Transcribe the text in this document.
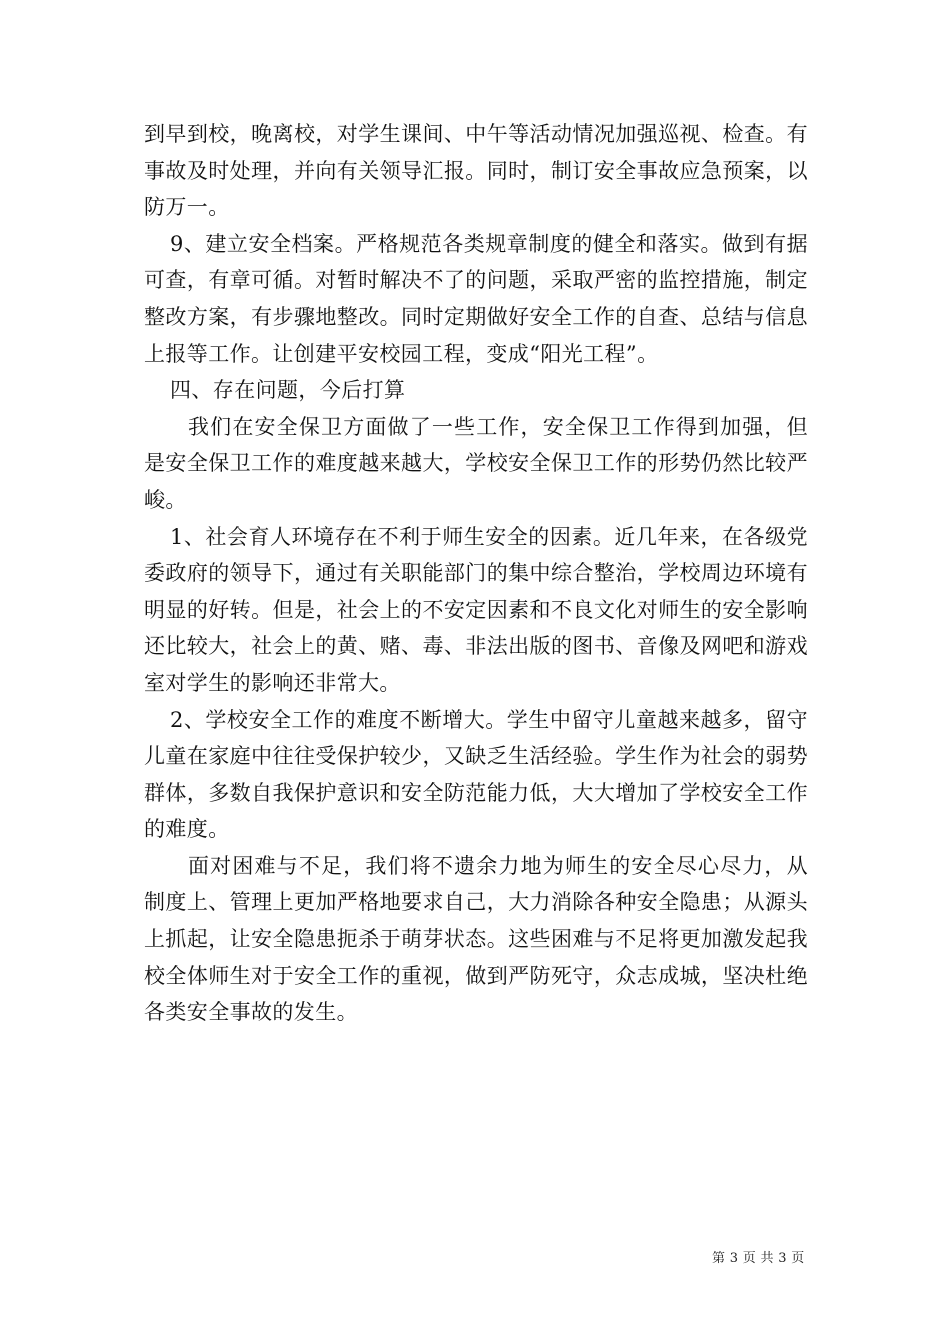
到早到校，晚离校，对学生课间、中午等活动情况加强巡视、检查。有事故及时处理，并向有关领导汇报。同时，制订安全事故应急预案，以防万一。

9、建立安全档案。严格规范各类规章制度的健全和落实。做到有据可查，有章可循。对暂时解决不了的问题，采取严密的监控措施，制定整改方案，有步骤地整改。同时定期做好安全工作的自查、总结与信息上报等工作。让创建平安校园工程，变成“阳光工程”。

四、存在问题，今后打算

我们在安全保卫方面做了一些工作，安全保卫工作得到加强，但是安全保卫工作的难度越来越大，学校安全保卫工作的形势仍然比较严峻。

1、社会育人环境存在不利于师生安全的因素。近几年来，在各级党委政府的领导下，通过有关职能部门的集中综合整治，学校周边环境有明显的好转。但是，社会上的不安定因素和不良文化对师生的安全影响还比较大，社会上的黄、赌、毒、非法出版的图书、音像及网吧和游戏室对学生的影响还非常大。

2、学校安全工作的难度不断增大。学生中留守儿童越来越多，留守儿童在家庭中往往受保护较少，又缺乏生活经验。学生作为社会的弱势群体，多数自我保护意识和安全防范能力低，大大增加了学校安全工作的难度。

面对困难与不足，我们将不遗余力地为师生的安全尽心尽力，从制度上、管理上更加严格地要求自己，大力消除各种安全隐患；从源头上抓起，让安全隐患扼杀于萌芽状态。这些困难与不足将更加激发起我校全体师生对于安全工作的重视，做到严防死守，众志成城，坚决杜绝各类安全事故的发生。

第 3 页 共 3 页
